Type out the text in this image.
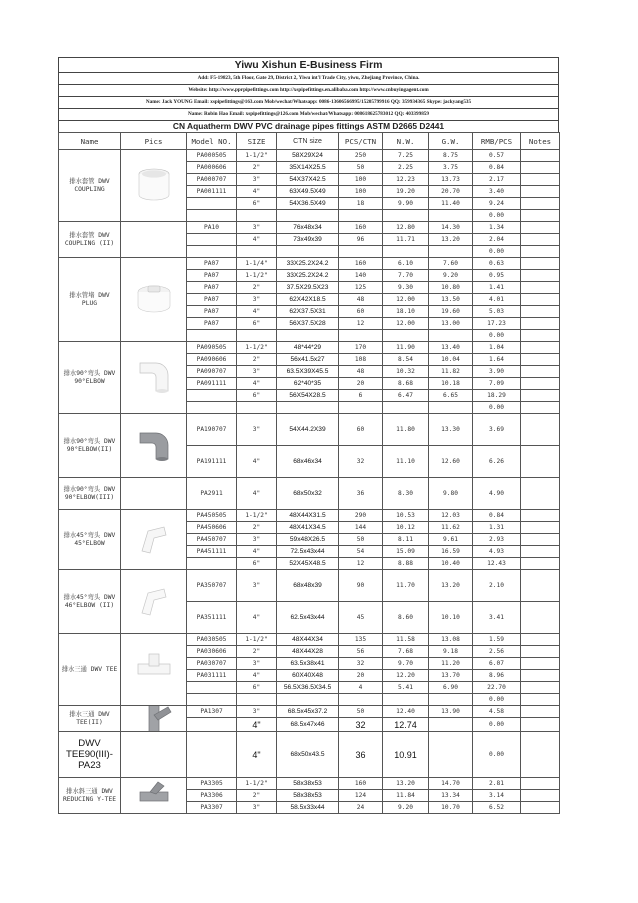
Yiwu Xishun E-Business Firm
Add: F5-19823, 5th Floor, Gate 29, District 2, Yiwu int'l Trade City, yiwu, Zhejiang Province, China.
Website: http://www.pprpipefittings.com http://xspipefittings.en.alibaba.com http://www.cnbuyingagent.com
Name: Jack YOUNG Email: xspipefittings@163.com Mob/wechat/Whatsapp: 0086-13606566995/15205799916 QQ: 359934365 Skype: jackyang535
Name: Robin Hao Email: xspipefittings@126.com Mob/wechat/Whatsapp: 008618625783012 QQ: 403399859
CN Aquatherm DWV PVC drainage pipes fittings ASTM D2665 D2441
Name	Pics	Model NO.	SIZE	CTN size	PCS/CTN	N.W.	G.W.	RMB/PCS	Notes
排水套管 DWV COUPLING		PA000505	1-1/2"	58X29X24	250	7.25	8.75	0.57	
		PA000606	2"	35X14X25.5	50	2.25	3.75	0.84	
		PA000707	3"	54X37X42.5	100	12.23	13.73	2.17	
		PA001111	4"	63X49.5X49	100	19.20	20.70	3.40	
			6"	54X36.5X49	18	9.90	11.40	9.24	
								0.00	
排水套管 DWV COUPLING (II)		PA10	3"	76x48x34	160	12.80	14.30	1.34	
			4"	73x49x39	96	11.71	13.20	2.04	
								0.00	
排水管堵 DWV PLUG		PA07	1-1/4"	33X25.2X24.2	160	6.10	7.60	0.63	
		PA07	1-1/2"	33X25.2X24.2	140	7.70	9.20	0.95	
		PA07	2"	37.5X29.5X23	125	9.30	10.80	1.41	
		PA07	3"	62X42X18.5	48	12.00	13.50	4.01	
		PA07	4"	62X37.5X31	60	18.10	19.60	5.03	
		PA07	6"	56X37.5X28	12	12.00	13.00	17.23	
								0.00	
排水90°弯头 DWV 90°ELBOW		PA090505	1-1/2"	48*44*29	170	11.90	13.40	1.04	
		PA090606	2"	56x41.5x27	108	8.54	10.04	1.64	
		PA090707	3"	63.5X39X45.5	48	10.32	11.82	3.90	
		PA091111	4"	62*40*35	20	8.68	10.18	7.09	
			6"	56X54X28.5	6	6.47	6.65	18.29	
								0.00	
排水90°弯头 DWV 90°ELBOW(II)		PA190707	3"	54X44.2X39	60	11.80	13.30	3.69	
		PA191111	4"	68x46x34	32	11.10	12.60	6.26	
排水90°弯头 DWV 90°ELBOW(III)		PA2911	4"	68x50x32	36	8.30	9.80	4.90	
排水45°弯头 DWV 45°ELBOW		PA450505	1-1/2"	48X44X31.5	290	10.53	12.03	0.84	
		PA450606	2"	48X41X34.5	144	10.12	11.62	1.31	
		PA450707	3"	59x48X26.5	50	8.11	9.61	2.93	
		PA451111	4"	72.5x43x44	54	15.09	16.59	4.93	
			6"	52X45X48.5	12	8.88	10.40	12.43	
排水45°弯头 DWV 46°ELBOW (II)		PA350707	3"	68x48x39	90	11.70	13.20	2.10	
		PA351111	4"	62.5x43x44	45	8.60	10.10	3.41	
排水三通 DWV TEE		PA030505	1-1/2"	48X44X34	135	11.58	13.08	1.59	
		PA030606	2"	48X44X28	56	7.68	9.18	2.56	
		PA030707	3"	63.5x38x41	32	9.70	11.20	6.07	
		PA031111	4"	60X40X48	20	12.20	13.70	8.96	
			6"	56.5X36.5X34.5	4	5.41	6.90	22.70	
								0.00	
排水三通 DWV TEE(II)		PA1307	3"	68.5x45x37.2	50	12.40	13.90	4.58	
			4"	68.5x47x46	32	12.74		0.00	
DWV TEE90(III)-PA23			4"	68x50x43.5	36	10.91		0.00	
排水斜三通 DWV REDUCING Y-TEE		PA3305	1-1/2"	58x38x53	160	13.20	14.70	2.81	
		PA3306	2"	58x38x53	124	11.84	13.34	3.14	
		PA3307	3"	58.5x33x44	24	9.20	10.70	6.52	
